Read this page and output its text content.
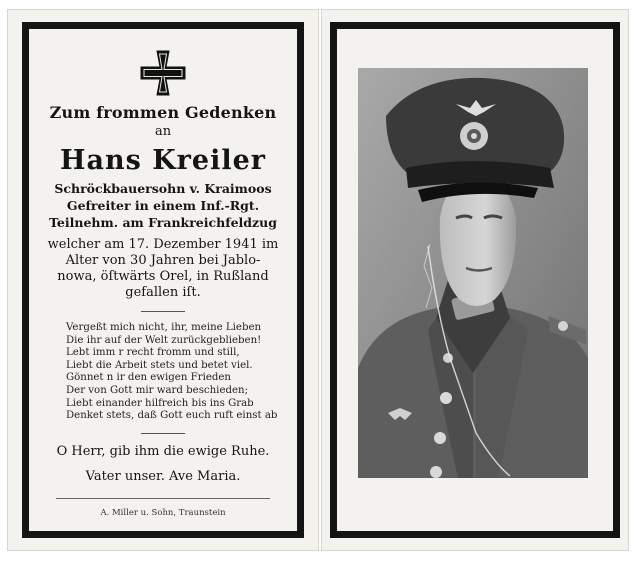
Zum frommen Gedenken
an
Hans Kreiler
Schröckbauersohn v. Kraimoos
Gefreiter in einem Inf.-Rgt.
Teilnehm. am Frankreichfeldzug
welcher am 17. Dezember 1941 im
Alter von 30 Jahren bei Jablo-
nowa, öſtwärts Orel, in Rußland
gefallen iſt.
Vergeßt mich nicht, ihr, meine Lieben
Die ihr auf der Welt zurückgeblieben!
Lebt imm r recht fromm und still,
Liebt die Arbeit stets und betet viel.
Gönnet n ir den ewigen Frieden
Der von Gott mir ward beschieden;
Liebt einander hilfreich bis ins Grab
Denket stets, daß Gott euch ruft einst ab
O Herr, gib ihm die ewige Ruhe.
Vater unser. Ave Maria.
A. Miller u. Sohn, Traunstein
